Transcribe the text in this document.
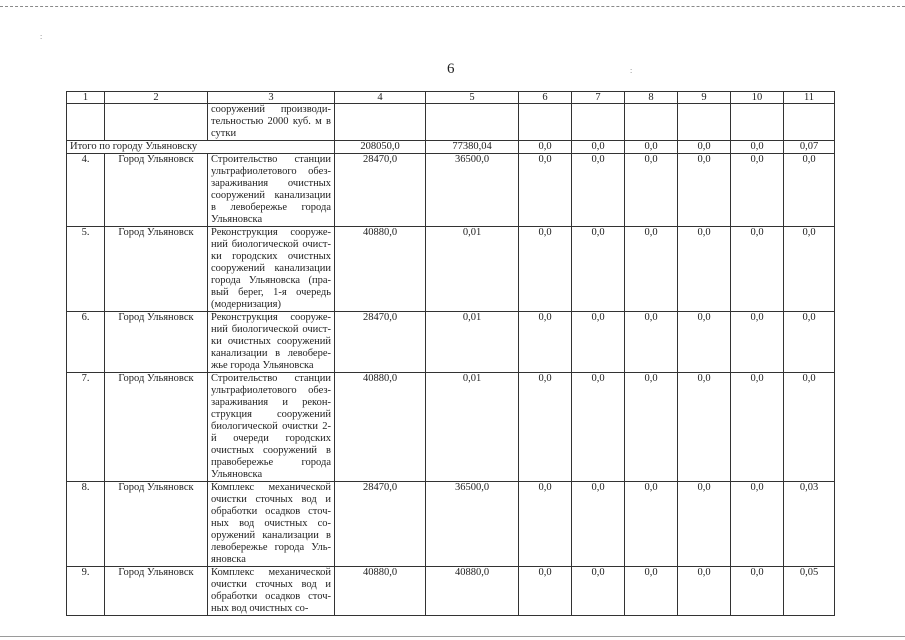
:
:
6
1	2	3	4	5	6	7	8	9	10	11
		сооружений производи-тельностью 2000 куб. м в сутки								
Итого по городу Ульяновску			208050,0	77380,04	0,0	0,0	0,0	0,0	0,0	0,07
4.	Город Ульяновск	Строительство станции ультрафиолетового обез-зараживания очистных сооружений канализации в левобережье города Ульяновска	28470,0	36500,0	0,0	0,0	0,0	0,0	0,0	0,0
5.	Город Ульяновск	Реконструкция сооруже-ний биологической очист-ки городских очистных сооружений канализации города Ульяновска (пра-вый берег, 1-я очередь (модернизация)	40880,0	0,01	0,0	0,0	0,0	0,0	0,0	0,0
6.	Город Ульяновск	Реконструкция сооруже-ний биологической очист-ки очистных сооружений канализации в левобере-жье города Ульяновска	28470,0	0,01	0,0	0,0	0,0	0,0	0,0	0,0
7.	Город Ульяновск	Строительство станции ультрафиолетового обез-зараживания и рекон-струкция сооружений биологической очистки 2-й очереди городских очистных сооружений в правобережье города Ульяновска	40880,0	0,01	0,0	0,0	0,0	0,0	0,0	0,0
8.	Город Ульяновск	Комплекс механической очистки сточных вод и обработки осадков сточ-ных вод очистных со-оружений канализации в левобережье города Уль-яновска	28470,0	36500,0	0,0	0,0	0,0	0,0	0,0	0,03
9.	Город Ульяновск	Комплекс механической очистки сточных вод и обработки осадков сточ-ных вод очистных со-	40880,0	40880,0	0,0	0,0	0,0	0,0	0,0	0,05
